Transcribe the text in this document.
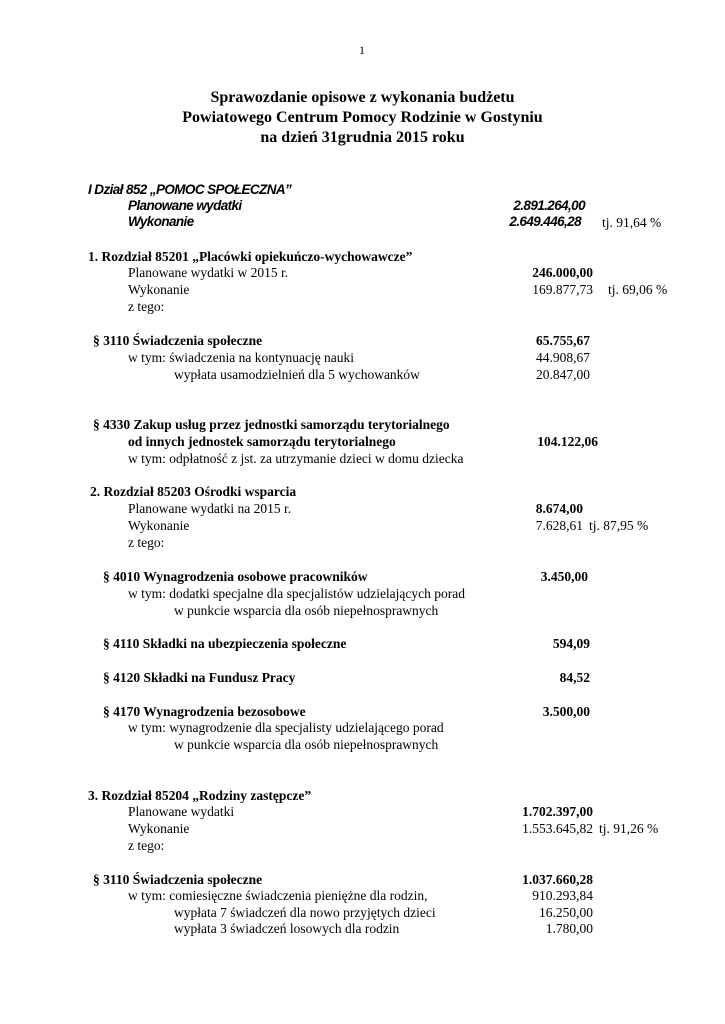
1
Sprawozdanie opisowe z wykonania budżetu
Powiatowego Centrum Pomocy Rodzinie w Gostyniu
na dzień 31grudnia 2015 roku
I Dział 852 „POMOC SPOŁECZNA”
Planowane wydatki	2.891.264,00
Wykonanie	2.649.446,28 tj. 91,64 %
1. Rozdział 85201 „Placówki opiekuńczo-wychowawcze”
Planowane wydatki w 2015 r.	246.000,00
Wykonanie	169.877,73 tj. 69,06 %
z tego:
§ 3110 Świadczenia społeczne	65.755,67
w tym: świadczenia na kontynuację nauki	44.908,67
wypłata usamodzielnień dla 5 wychowanków	20.847,00
§ 4330 Zakup usług przez jednostki samorządu terytorialnego
od innych jednostek samorządu terytorialnego	104.122,06
w tym: odpłatność z jst. za utrzymanie dzieci w domu dziecka
2. Rozdział 85203 Ośrodki wsparcia
Planowane wydatki na 2015 r.	8.674,00
Wykonanie	7.628,61 tj. 87,95 %
z tego:
§ 4010 Wynagrodzenia osobowe pracowników	3.450,00
w tym: dodatki specjalne dla specjalistów udzielających porad
w punkcie wsparcia dla osób niepełnosprawnych
§ 4110 Składki na ubezpieczenia społeczne	594,09
§ 4120 Składki na Fundusz Pracy	84,52
§ 4170 Wynagrodzenia bezosobowe	3.500,00
w tym: wynagrodzenie dla specjalisty udzielającego porad
w punkcie wsparcia dla osób niepełnosprawnych
3. Rozdział 85204 „Rodziny zastępcze”
Planowane wydatki	1.702.397,00
Wykonanie	1.553.645,82 tj. 91,26 %
z tego:
§ 3110 Świadczenia społeczne	1.037.660,28
w tym: comiesięczne świadczenia pieniężne dla rodzin,	910.293,84
wypłata 7 świadczeń dla nowo przyjętych dzieci	16.250,00
wypłata 3 świadczeń losowych dla rodzin	1.780,00
